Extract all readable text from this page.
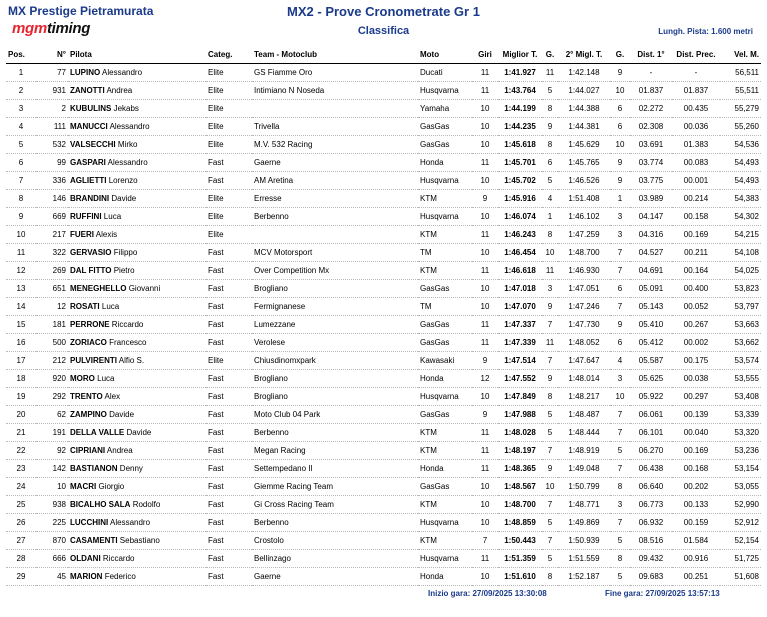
MX Prestige Pietramurata
mgmtiming
MX2 - Prove Cronometrate Gr 1
Classifica	Lungh. Pista: 1.600 metri
Pos.	N°	Pilota	Categ.	Team - Motoclub	Moto	Giri	Miglior T.	G.	2° Migl. T.	G.	Dist. 1°	Dist. Prec.	Vel. M.
1	77	LUPINO Alessandro	Elite	GS Fiamme Oro	Ducati	11	1:41.927	11	1:42.148	9	-	-	56,511
2	931	ZANOTTI Andrea	Elite	Intimiano N Noseda	Husqvarna	11	1:43.764	5	1:44.027	10	01.837	01.837	55,511
3	2	KUBULINS Jekabs	Elite		Yamaha	10	1:44.199	8	1:44.388	6	02.272	00.435	55,279
4	111	MANUCCI Alessandro	Elite	Trivella	GasGas	10	1:44.235	9	1:44.381	6	02.308	00.036	55,260
5	532	VALSECCHI Mirko	Elite	M.V. 532 Racing	GasGas	10	1:45.618	8	1:45.629	10	03.691	01.383	54,536
6	99	GASPARI Alessandro	Fast	Gaerne	Honda	11	1:45.701	6	1:45.765	9	03.774	00.083	54,493
7	336	AGLIETTI Lorenzo	Fast	AM Aretina	Husqvarna	10	1:45.702	5	1:46.526	9	03.775	00.001	54,493
8	146	BRANDINI Davide	Elite	Erresse	KTM	9	1:45.916	4	1:51.408	1	03.989	00.214	54,383
9	669	RUFFINI Luca	Elite	Berbenno	Husqvarna	10	1:46.074	1	1:46.102	3	04.147	00.158	54,302
10	217	FUERI Alexis	Elite		KTM	11	1:46.243	8	1:47.259	3	04.316	00.169	54,215
11	322	GERVASIO Filippo	Fast	MCV Motorsport	TM	10	1:46.454	10	1:48.700	7	04.527	00.211	54,108
12	269	DAL FITTO Pietro	Fast	Over Competition Mx	KTM	11	1:46.618	11	1:46.930	7	04.691	00.164	54,025
13	651	MENEGHELLO Giovanni	Fast	Brogliano	GasGas	10	1:47.018	3	1:47.051	6	05.091	00.400	53,823
14	12	ROSATI Luca	Fast	Fermignanese	TM	10	1:47.070	9	1:47.246	7	05.143	00.052	53,797
15	181	PERRONE Riccardo	Fast	Lumezzane	GasGas	11	1:47.337	7	1:47.730	9	05.410	00.267	53,663
16	500	ZORIACO Francesco	Fast	Verolese	GasGas	11	1:47.339	11	1:48.052	6	05.412	00.002	53,662
17	212	PULVIRENTI Alfio S.	Elite	Chiusdinomxpark	Kawasaki	9	1:47.514	7	1:47.647	4	05.587	00.175	53,574
18	920	MORO Luca	Fast	Brogliano	Honda	12	1:47.552	9	1:48.014	3	05.625	00.038	53,555
19	292	TRENTO Alex	Fast	Brogliano	Husqvarna	10	1:47.849	8	1:48.217	10	05.922	00.297	53,408
20	62	ZAMPINO Davide	Fast	Moto Club 04 Park	GasGas	9	1:47.988	5	1:48.487	7	06.061	00.139	53,339
21	191	DELLA VALLE Davide	Fast	Berbenno	KTM	11	1:48.028	5	1:48.444	7	06.101	00.040	53,320
22	92	CIPRIANI Andrea	Fast	Megan Racing	KTM	11	1:48.197	7	1:48.919	5	06.270	00.169	53,236
23	142	BASTIANON Denny	Fast	Settempedano II	Honda	11	1:48.365	9	1:49.048	7	06.438	00.168	53,154
24	10	MACRI Giorgio	Fast	Giemme Racing Team	GasGas	10	1:48.567	10	1:50.799	8	06.640	00.202	53,055
25	938	BICALHO SALA Rodolfo	Fast	Gi Cross Racing Team	KTM	10	1:48.700	7	1:48.771	3	06.773	00.133	52,990
26	225	LUCCHINI Alessandro	Fast	Berbenno	Husqvarna	10	1:48.859	5	1:49.869	7	06.932	00.159	52,912
27	870	CASAMENTI Sebastiano	Fast	Crostolo	KTM	7	1:50.443	7	1:50.939	5	08.516	01.584	52,154
28	666	OLDANI Riccardo	Fast	Bellinzago	Husqvarna	11	1:51.359	5	1:51.559	8	09.432	00.916	51,725
29	45	MARION Federico	Fast	Gaerne	Honda	10	1:51.610	8	1:52.187	5	09.683	00.251	51,608
Inizio gara: 27/09/2025 13:30:08	Fine gara: 27/09/2025 13:57:13
